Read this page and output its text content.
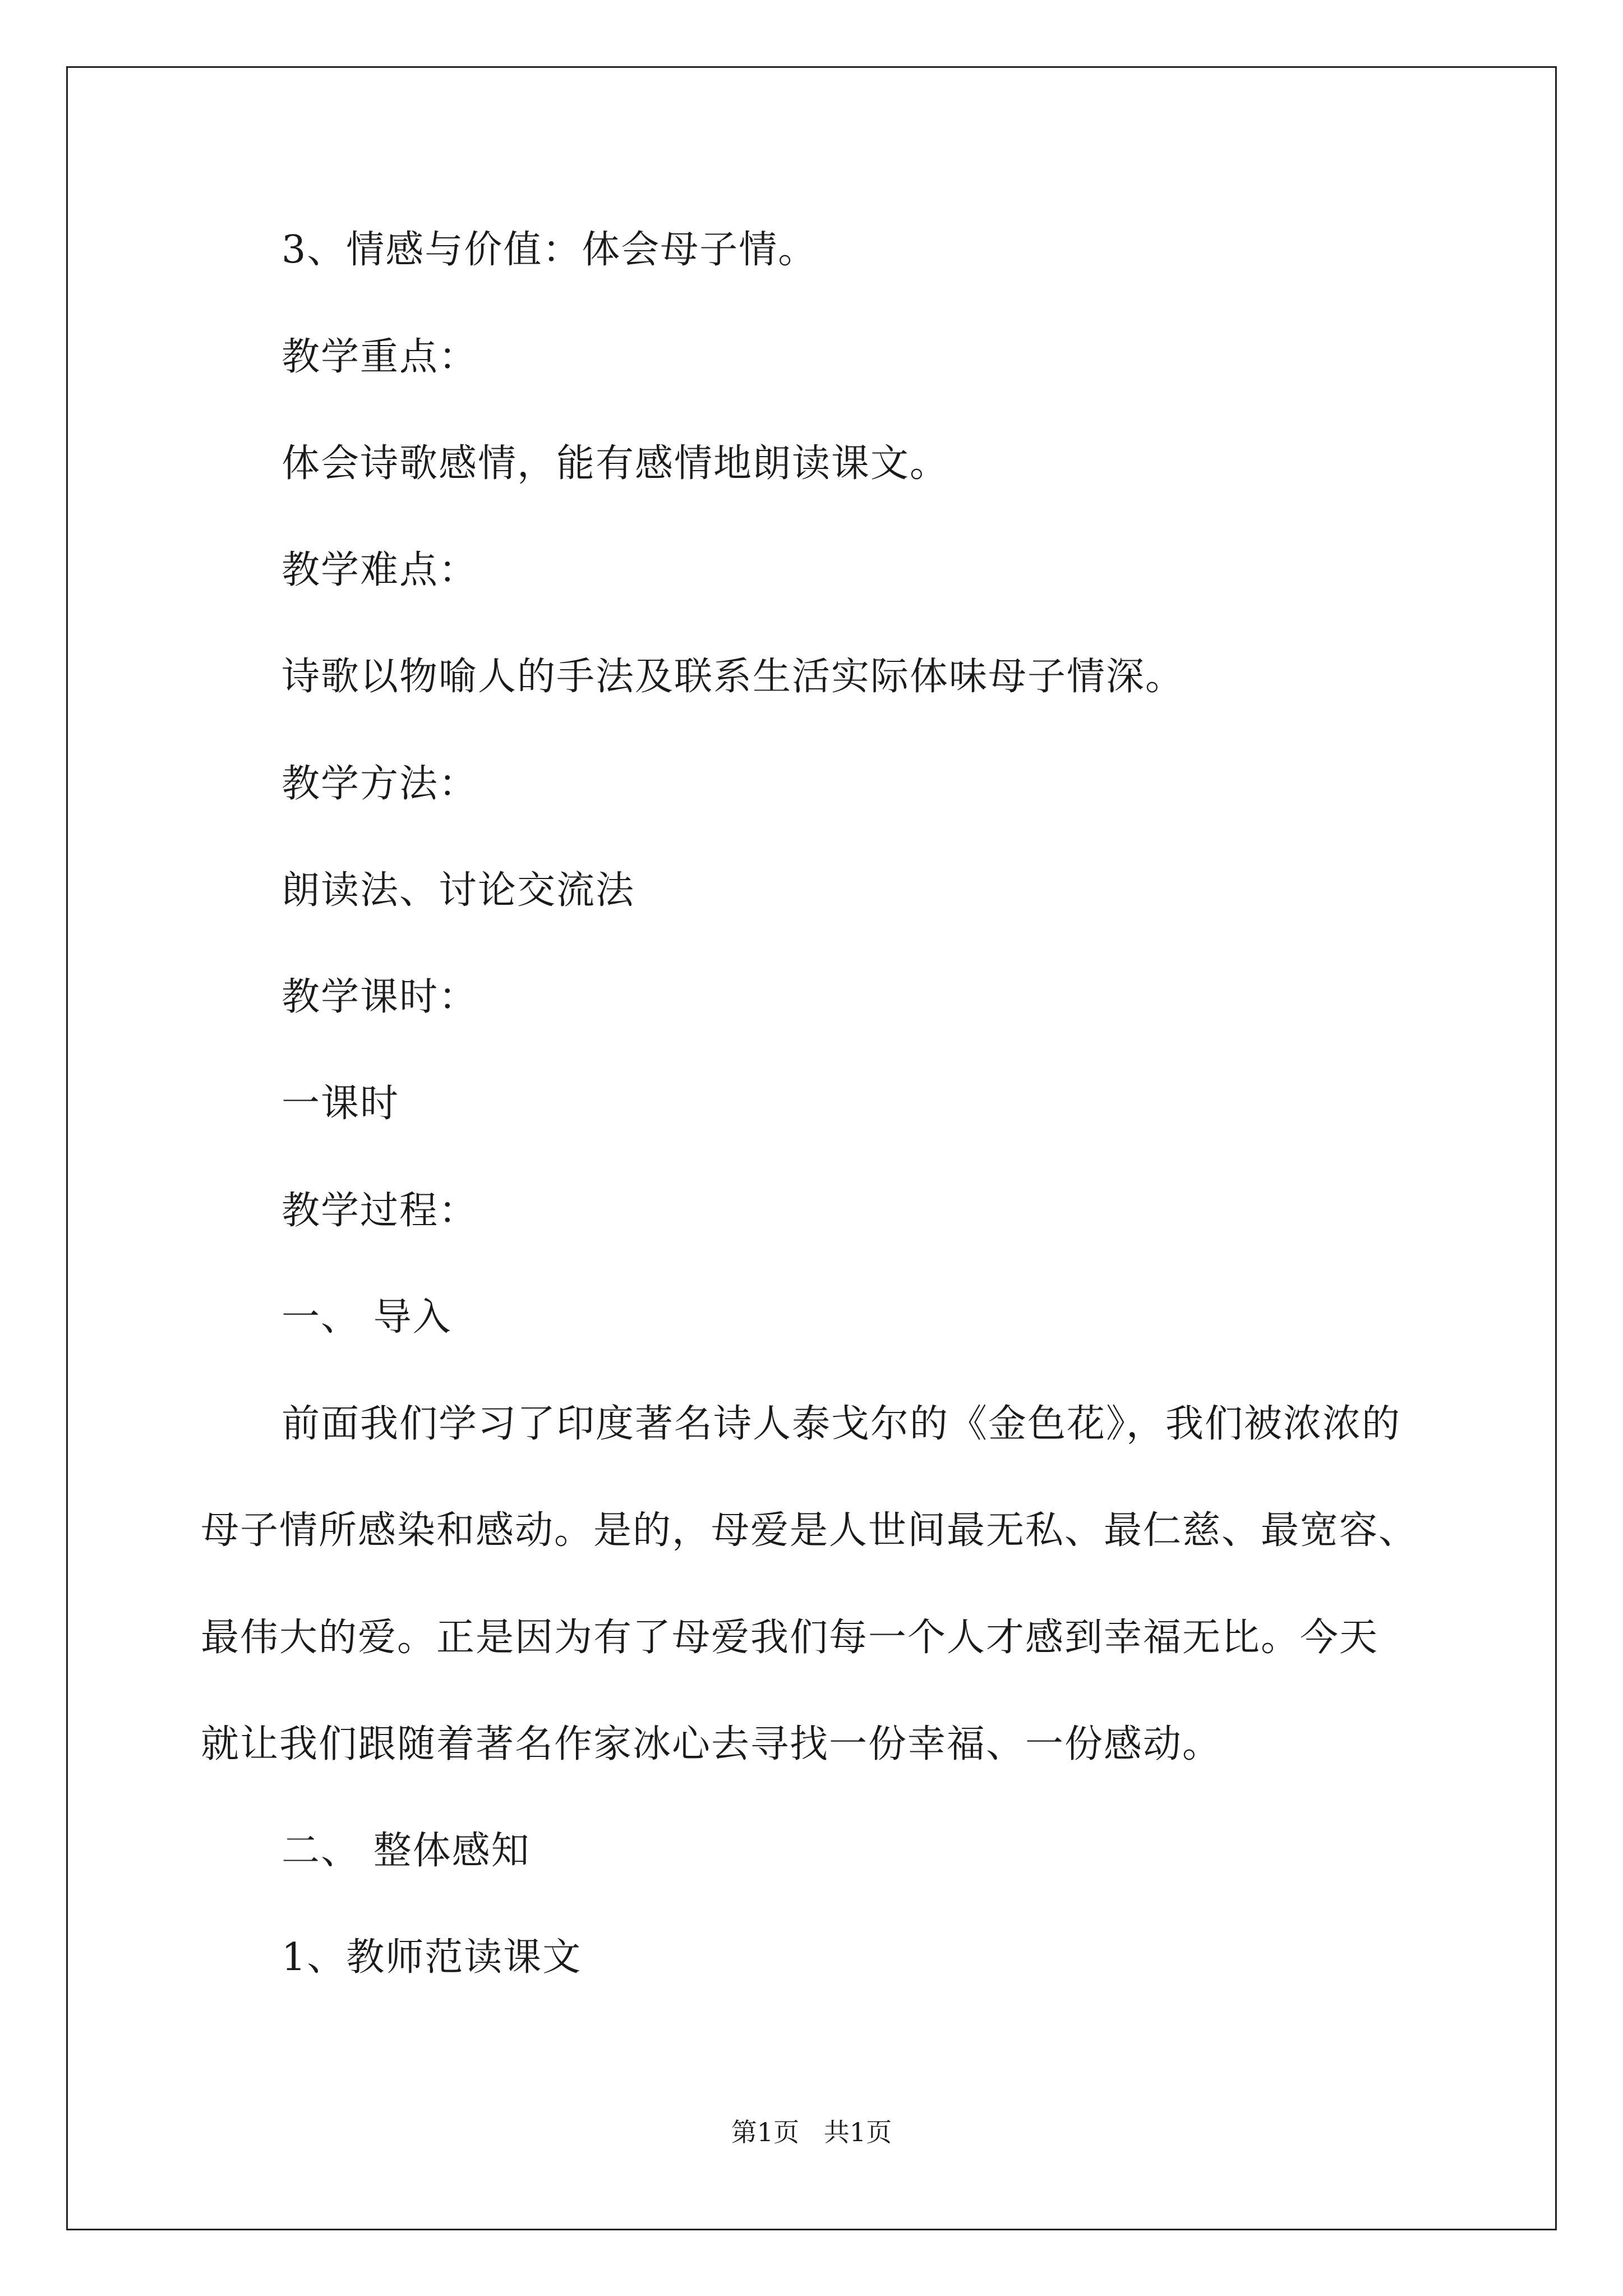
3、情感与价值：体会母子情。
教学重点：
体会诗歌感情，能有感情地朗读课文。
教学难点：
诗歌以物喻人的手法及联系生活实际体味母子情深。
教学方法：
朗读法、讨论交流法
教学课时：
一课时
教学过程：
一、 导入
前面我们学习了印度著名诗人泰戈尔的《金色花》，我们被浓浓的
母子情所感染和感动。是的，母爱是人世间最无私、最仁慈、最宽容、
最伟大的爱。正是因为有了母爱我们每一个人才感到幸福无比。今天
就让我们跟随着著名作家冰心去寻找一份幸福、一份感动。
二、 整体感知
1、教师范读课文
第1页   共1页
